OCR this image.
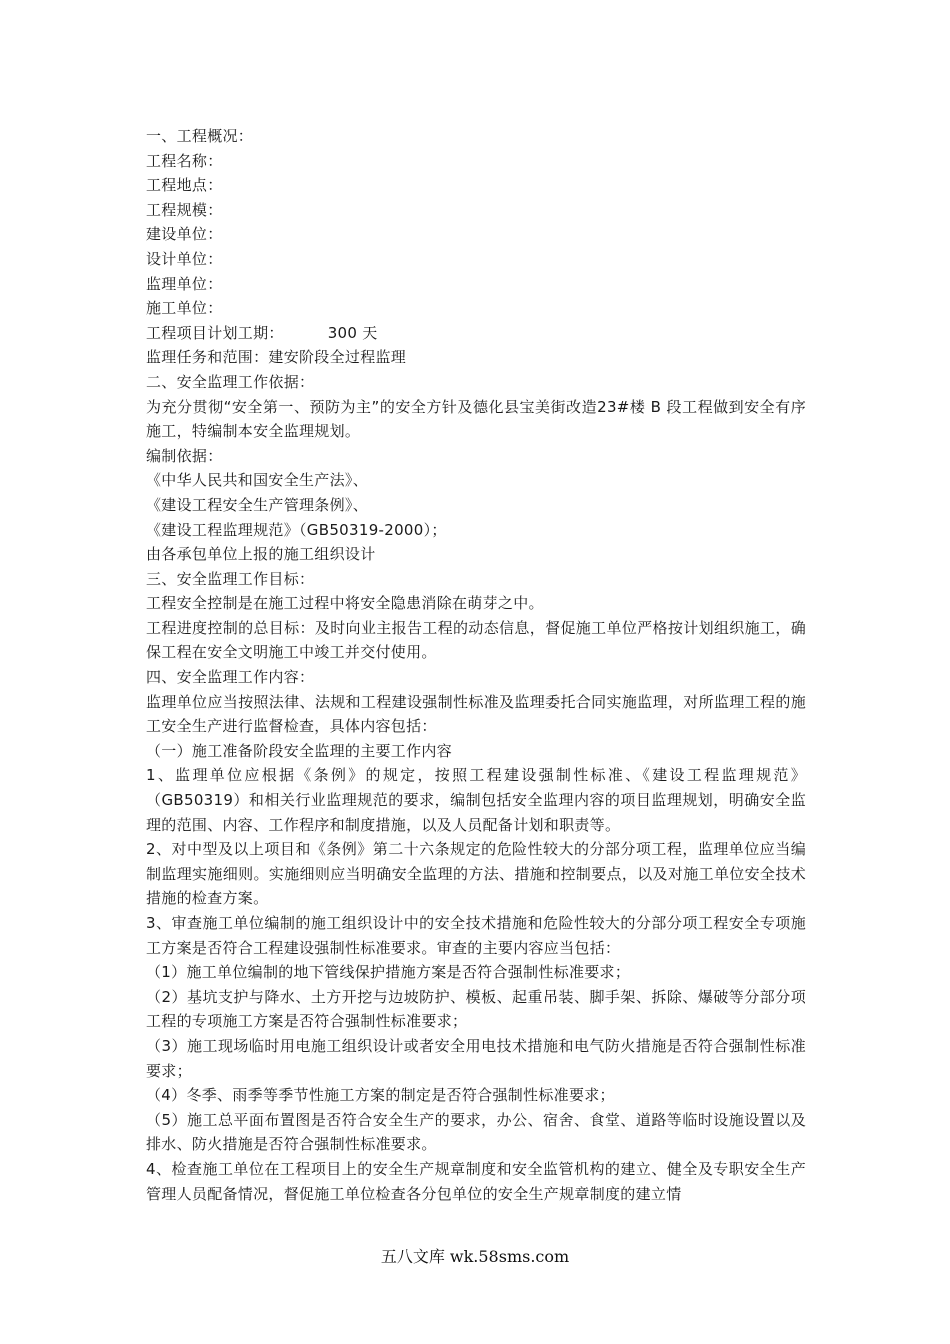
一、工程概况：

工程名称：

工程地点：

工程规模：

建设单位：

设计单位：

监理单位：

施工单位：

工程项目计划工期：	300 天

监理任务和范围：建安阶段全过程监理

二、安全监理工作依据：

为充分贯彻“安全第一、预防为主”的安全方针及德化县宝美街改造23#楼 B 段工程做到安全有序施工，特编制本安全监理规划。

编制依据：

《中华人民共和国安全生产法》、

《建设工程安全生产管理条例》、

《建设工程监理规范》（GB50319-2000）；

由各承包单位上报的施工组织设计

三、安全监理工作目标：

工程安全控制是在施工过程中将安全隐患消除在萌芽之中。

工程进度控制的总目标：及时向业主报告工程的动态信息，督促施工单位严格按计划组织施工，确保工程在安全文明施工中竣工并交付使用。

四、安全监理工作内容：

监理单位应当按照法律、法规和工程建设强制性标准及监理委托合同实施监理，对所监理工程的施工安全生产进行监督检查，具体内容包括：

（一）施工准备阶段安全监理的主要工作内容

1、监理单位应根据《条例》的规定，按照工程建设强制性标准、《建设工程监理规范》（GB50319）和相关行业监理规范的要求，编制包括安全监理内容的项目监理规划，明确安全监理的范围、内容、工作程序和制度措施，以及人员配备计划和职责等。

2、对中型及以上项目和《条例》第二十六条规定的危险性较大的分部分项工程，监理单位应当编制监理实施细则。实施细则应当明确安全监理的方法、措施和控制要点，以及对施工单位安全技术措施的检查方案。

3、审查施工单位编制的施工组织设计中的安全技术措施和危险性较大的分部分项工程安全专项施工方案是否符合工程建设强制性标准要求。审查的主要内容应当包括：

（1）施工单位编制的地下管线保护措施方案是否符合强制性标准要求；

（2）基坑支护与降水、土方开挖与边坡防护、模板、起重吊装、脚手架、拆除、爆破等分部分项工程的专项施工方案是否符合强制性标准要求；

（3）施工现场临时用电施工组织设计或者安全用电技术措施和电气防火措施是否符合强制性标准要求；

（4）冬季、雨季等季节性施工方案的制定是否符合强制性标准要求；

（5）施工总平面布置图是否符合安全生产的要求，办公、宿舍、食堂、道路等临时设施设置以及排水、防火措施是否符合强制性标准要求。

4、检查施工单位在工程项目上的安全生产规章制度和安全监管机构的建立、健全及专职安全生产管理人员配备情况，督促施工单位检查各分包单位的安全生产规章制度的建立情

五八文库 wk.58sms.com
